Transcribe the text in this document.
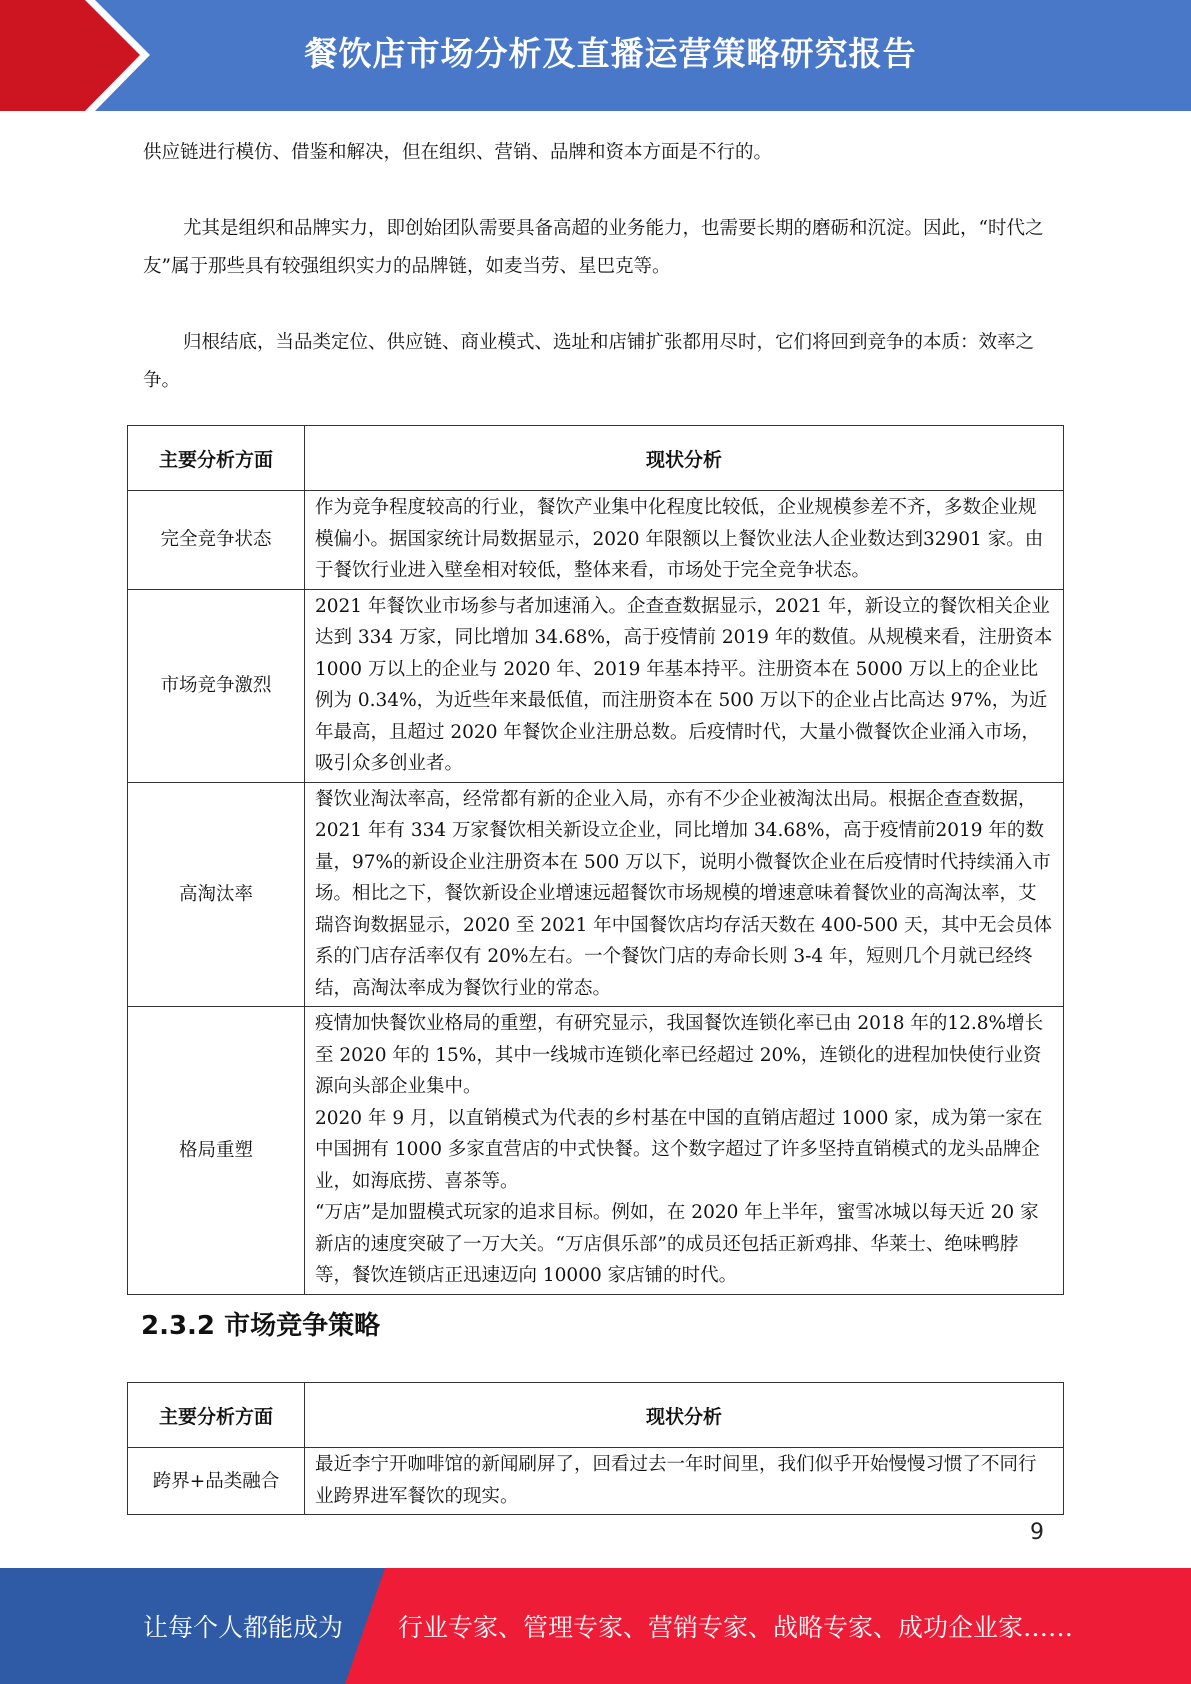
餐饮店市场分析及直播运营策略研究报告
供应链进行模仿、借鉴和解决，但在组织、营销、品牌和资本方面是不行的。
尤其是组织和品牌实力，即创始团队需要具备高超的业务能力，也需要长期的磨砺和沉淀。因此，“时代之友”属于那些具有较强组织实力的品牌链，如麦当劳、星巴克等。
归根结底，当品类定位、供应链、商业模式、选址和店铺扩张都用尽时，它们将回到竞争的本质：效率之争。
主要分析方面	现状分析
完全竞争状态	作为竞争程度较高的行业，餐饮产业集中化程度比较低，企业规模参差不齐，多数企业规模偏小。据国家统计局数据显示，2020 年限额以上餐饮业法人企业数达到32901 家。由于餐饮行业进入壁垒相对较低，整体来看，市场处于完全竞争状态。

市场竞争激烈	2021 年餐饮业市场参与者加速涌入。企查查数据显示，2021 年，新设立的餐饮相关企业达到 334 万家，同比增加 34.68%，高于疫情前 2019 年的数值。从规模来看，注册资本 1000 万以上的企业与 2020 年、2019 年基本持平。注册资本在 5000 万以上的企业比例为 0.34%，为近些年来最低值，而注册资本在 500 万以下的企业占比高达 97%，为近年最高，且超过 2020 年餐饮企业注册总数。后疫情时代，大量小微餐饮企业涌入市场，吸引众多创业者。

高淘汰率	餐饮业淘汰率高，经常都有新的企业入局，亦有不少企业被淘汰出局。根据企查查数据，2021 年有 334 万家餐饮相关新设立企业，同比增加 34.68%，高于疫情前2019 年的数量，97%的新设企业注册资本在 500 万以下，说明小微餐饮企业在后疫情时代持续涌入市场。相比之下，餐饮新设企业增速远超餐饮市场规模的增速意味着餐饮业的高淘汰率，艾瑞咨询数据显示，2020 至 2021 年中国餐饮店均存活天数在 400-500 天，其中无会员体系的门店存活率仅有 20%左右。一个餐饮门店的寿命长则 3-4 年，短则几个月就已经终结，高淘汰率成为餐饮行业的常态。

格局重塑	疫情加快餐饮业格局的重塑，有研究显示，我国餐饮连锁化率已由 2018 年的12.8%增长至 2020 年的 15%，其中一线城市连锁化率已经超过 20%，连锁化的进程加快使行业资源向头部企业集中。

2020 年 9 月，以直销模式为代表的乡村基在中国的直销店超过 1000 家，成为第一家在中国拥有 1000 多家直营店的中式快餐。这个数字超过了许多坚持直销模式的龙头品牌企业，如海底捞、喜茶等。

“万店”是加盟模式玩家的追求目标。例如，在 2020 年上半年，蜜雪冰城以每天近 20 家新店的速度突破了一万大关。“万店俱乐部”的成员还包括正新鸡排、华莱士、绝味鸭脖等，餐饮连锁店正迅速迈向 10000 家店铺的时代。

2.3.2 市场竞争策略
主要分析方面	现状分析
跨界+品类融合	最近李宁开咖啡馆的新闻刷屏了，回看过去一年时间里，我们似乎开始慢慢习惯了不同行业跨界进军餐饮的现实。

9
让每个人都能成为 行业专家、管理专家、营销专家、战略专家、成功企业家……
